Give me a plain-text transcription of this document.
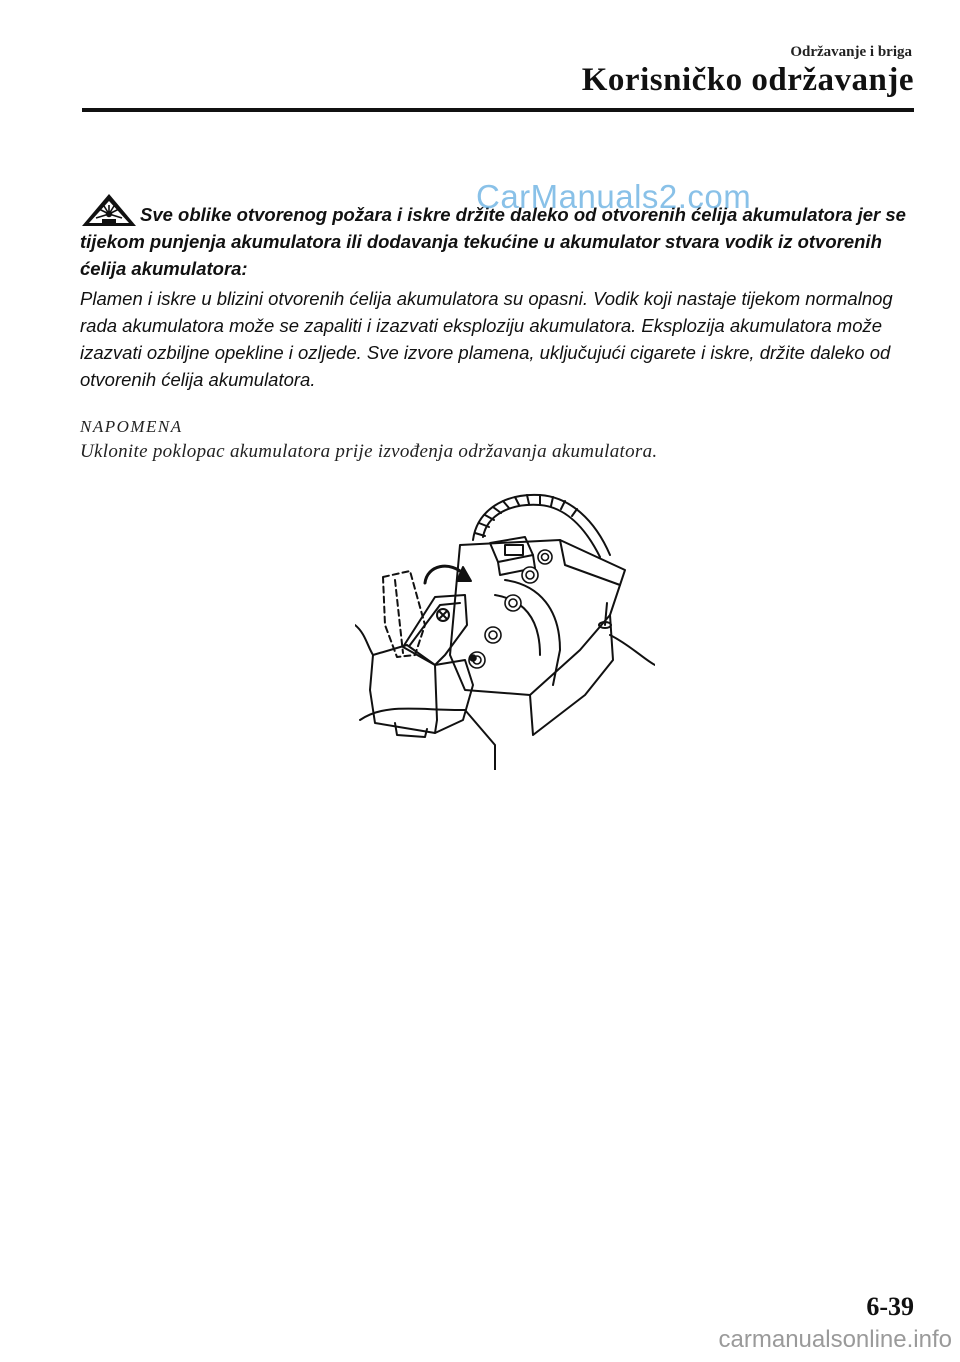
Održavanje i briga
Korisničko održavanje
Sve oblike otvorenog požara i iskre držite daleko od otvorenih ćelija akumulatora jer se tijekom punjenja akumulatora ili dodavanja tekućine u akumulator stvara vodik iz otvorenih ćelija akumulatora:
Plamen i iskre u blizini otvorenih ćelija akumulatora su opasni. Vodik koji nastaje tijekom normalnog rada akumulatora može se zapaliti i izazvati eksploziju akumulatora. Eksplozija akumulatora može izazvati ozbiljne opekline i ozljede. Sve izvore plamena, uključujući cigarete i iskre, držite daleko od otvorenih ćelija akumulatora.
CarManuals2.com
NAPOMENA
Uklonite poklopac akumulatora prije izvođenja održavanja akumulatora.
6-39
carmanualsonline.info
